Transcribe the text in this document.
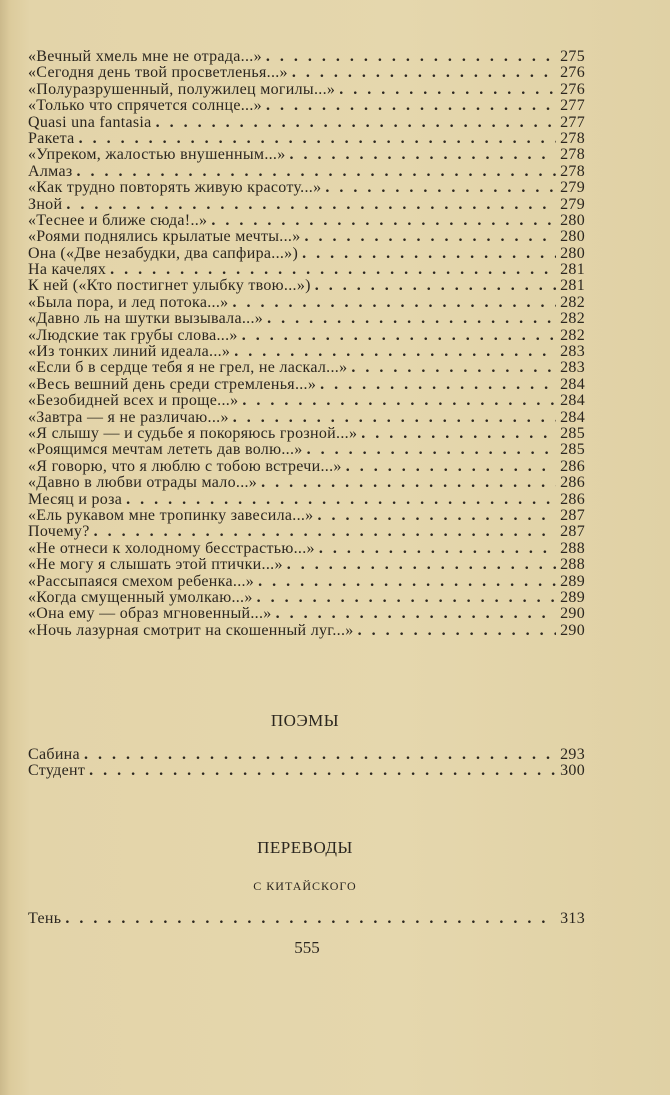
«Вечный хмель мне не отрада...» . . .	275
«Сегодня день твой просветленья...» . . .	276
«Полуразрушенный, полужилец могилы...» . . .	276
«Только что спрячется солнце...» . . .	277
Quasi una fantasia . . .	277
Ракета . . .	278
«Упреком, жалостью внушенным...» . . .	278
Алмаз . . .	278
«Как трудно повторять живую красоту...» . . .	279
Зной . . .	279
«Теснее и ближе сюда!..» . . .	280
«Роями поднялись крылатые мечты...» . . .	280
Она («Две незабудки, два сапфира...») . . .	280
На качелях . . .	281
К ней («Кто постигнет улыбку твою...») . . .	281
«Была пора, и лед потока...» . . .	282
«Давно ль на шутки вызывала...» . . .	282
«Людские так грубы слова...» . . .	282
«Из тонких линий идеала...» . . .	283
«Если б в сердце тебя я не грел, не ласкал...» . . .	283
«Весь вешний день среди стремленья...» . . .	284
«Безобидней всех и проще...» . . .	284
«Завтра — я не различаю...» . . .	284
«Я слышу — и судьбе я покоряюсь грозной...» . . .	285
«Роящимся мечтам лететь дав волю...» . . .	285
«Я говорю, что я люблю с тобою встречи...» . . .	286
«Давно в любви отрады мало...» . . .	286
Месяц и роза . . .	286
«Ель рукавом мне тропинку завесила...» . . .	287
Почему? . . .	287
«Не отнеси к холодному бесстрастью...» . . .	288
«Не могу я слышать этой птички...» . . .	288
«Рассыпаяся смехом ребенка...» . . .	289
«Когда смущенный умолкаю...» . . .	289
«Она ему — образ мгновенный...» . . .	290
«Ночь лазурная смотрит на скошенный луг...» . . .	290
ПОЭМЫ
Сабина . . .	293
Студент . . .	300
ПЕРЕВОДЫ
С КИТАЙСКОГО
Тень . . .	313
555
